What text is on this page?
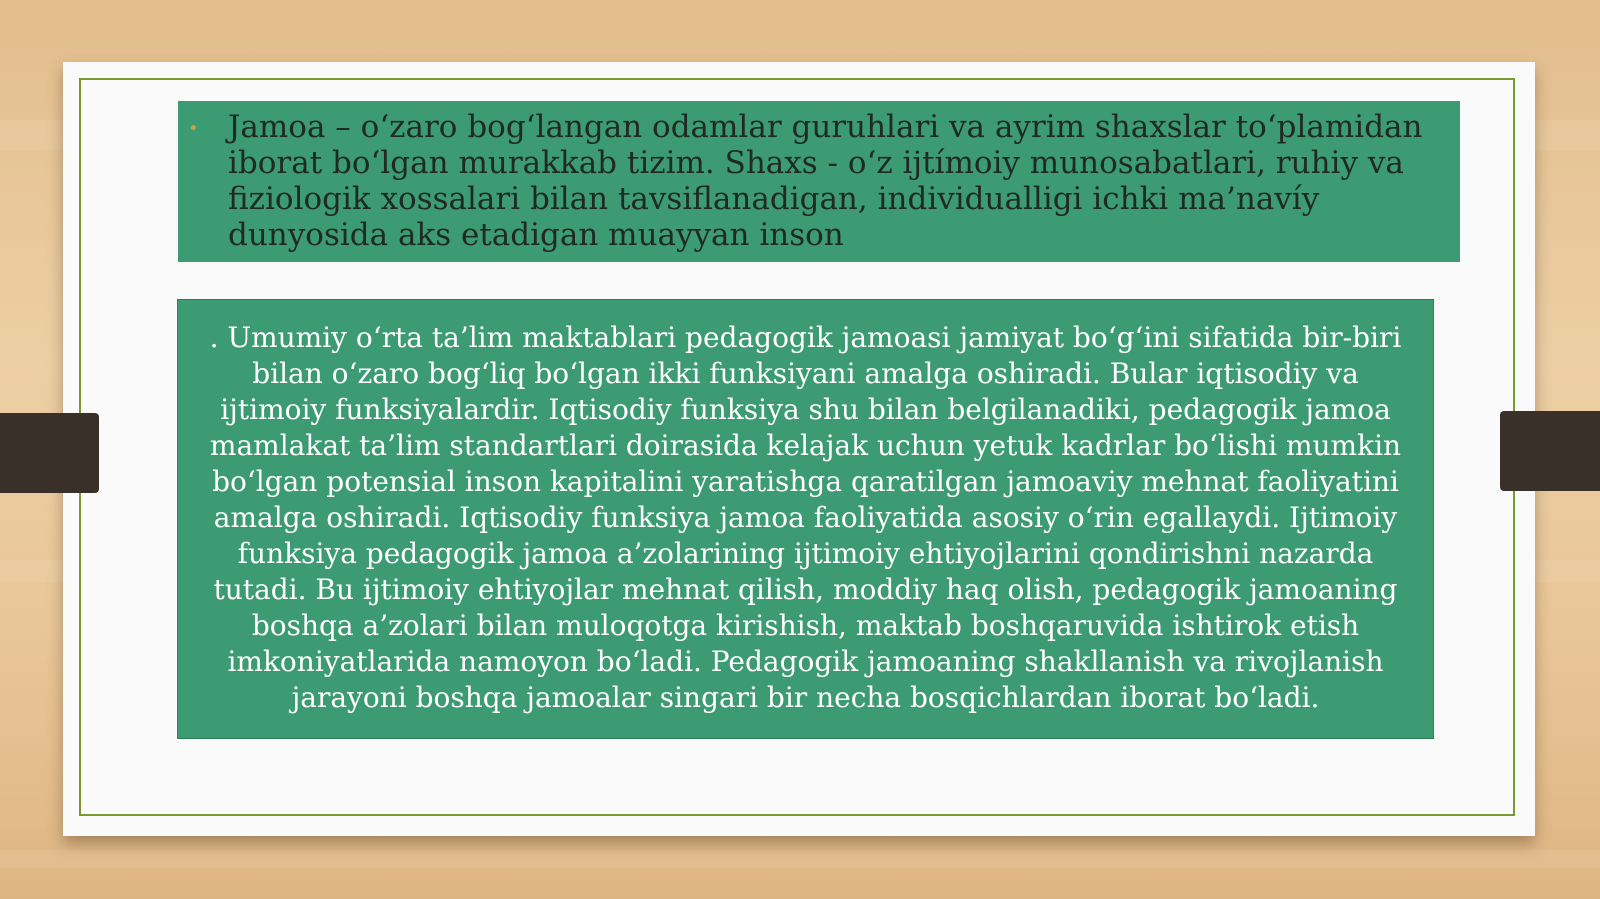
Jamoa – o‘zaro bog‘langan odamlar guruhlari va ayrim shaxslar to‘plamidan iborat bo‘lgan murakkab tizim. Shaxs - o‘z ijtímoiy munosabatlari, ruhiy va fiziologik xossalari bilan tavsiflanadigan, individualligi ichki ma’navíy dunyosida aks etadigan muayyan inson

•

. Umumiy o‘rta ta’lim maktablari pedagogik jamoasi jamiyat bo‘g‘ini sifatida bir-biri bilan o‘zaro bog‘liq bo‘lgan ikki funksiyani amalga oshiradi. Bular iqtisodiy va ijtimoiy funksiyalardir. Iqtisodiy funksiya shu bilan belgilanadiki, pedagogik jamoa mamlakat ta’lim standartlari doirasida kelajak uchun yetuk kadrlar bo‘lishi mumkin bo‘lgan potensial inson kapitalini yaratishga qaratilgan jamoaviy mehnat faoliyatini amalga oshiradi. Iqtisodiy funksiya jamoa faoliyatida asosiy o‘rin egallaydi. Ijtimoiy funksiya pedagogik jamoa a’zolarining ijtimoiy ehtiyojlarini qondirishni nazarda tutadi. Bu ijtimoiy ehtiyojlar mehnat qilish, moddiy haq olish, pedagogik jamoaning boshqa a’zolari bilan muloqotga kirishish, maktab boshqaruvida ishtirok etish imkoniyatlarida namoyon bo‘ladi. Pedagogik jamoaning shakllanish va rivojlanish jarayoni boshqa jamoalar singari bir necha bosqichlardan iborat bo‘ladi.
